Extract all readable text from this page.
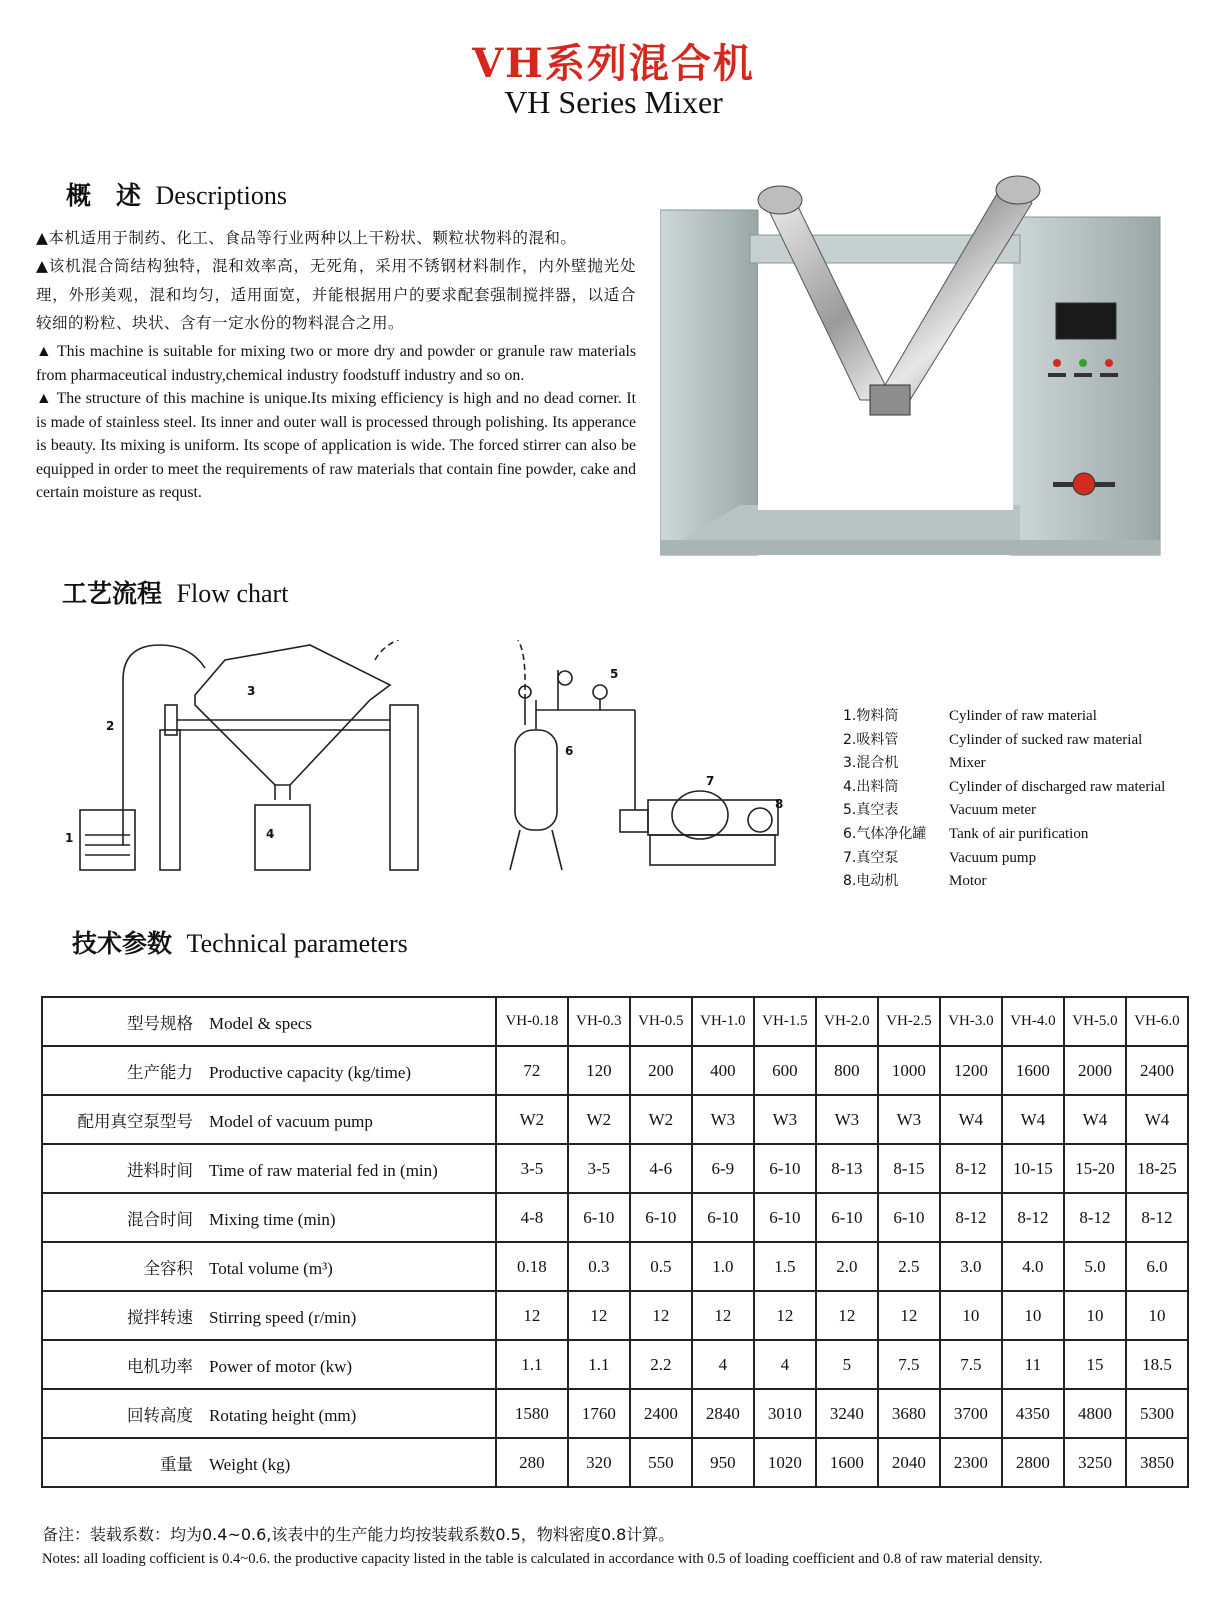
VH系列混合机
VH Series Mixer
概　述 Descriptions

▲本机适用于制药、化工、食品等行业两种以上干粉状、颗粒状物料的混和。

▲该机混合筒结构独特，混和效率高，无死角，采用不锈钢材料制作，内外壁抛光处理，外形美观，混和均匀，适用面宽，并能根据用户的要求配套强制搅拌器，以适合较细的粉粒、块状、含有一定水份的物料混合之用。

▲ This machine is suitable for mixing two or more dry and powder or granule raw materials from pharmaceutical industry,chemical industry foodstuff industry and so on.

▲ The structure of this machine is unique.Its mixing efficiency is high and no dead corner. It is made of stainless steel. Its inner and outer wall is processed through polishing. Its apperance is beauty. Its mixing is uniform. Its scope of application is wide. The forced stirrer can also be equipped in order to meet the requirements of raw materials that contain fine powder, cake and certain moisture as requst.

工艺流程 Flow chart
1
2
3
4
5
6
7
8
1.物料筒	Cylinder of raw material
2.吸料管	Cylinder of sucked raw material
3.混合机	Mixer
4.出料筒	Cylinder of discharged raw material
5.真空表	Vacuum meter
6.气体净化罐	Tank of air purification
7.真空泵	Vacuum pump
8.电动机	Motor
技术参数 Technical parameters
型号规格 Model & specs	VH-0.18	VH-0.3	VH-0.5	VH-1.0	VH-1.5	VH-2.0	VH-2.5	VH-3.0	VH-4.0	VH-5.0	VH-6.0
生产能力 Productive capacity (kg/time)	72	120	200	400	600	800	1000	1200	1600	2000	2400
配用真空泵型号 Model of vacuum pump	W2	W2	W2	W3	W3	W3	W3	W4	W4	W4	W4
进料时间 Time of raw material fed in (min)	3-5	3-5	4-6	6-9	6-10	8-13	8-15	8-12	10-15	15-20	18-25
混合时间 Mixing time (min)	4-8	6-10	6-10	6-10	6-10	6-10	6-10	8-12	8-12	8-12	8-12
全容积 Total volume (m³)	0.18	0.3	0.5	1.0	1.5	2.0	2.5	3.0	4.0	5.0	6.0
搅拌转速 Stirring speed (r/min)	12	12	12	12	12	12	12	10	10	10	10
电机功率 Power of motor (kw)	1.1	1.1	2.2	4	4	5	7.5	7.5	11	15	18.5
回转高度 Rotating height (mm)	1580	1760	2400	2840	3010	3240	3680	3700	4350	4800	5300
重量 Weight (kg)	280	320	550	950	1020	1600	2040	2300	2800	3250	3850
备注：装载系数：均为0.4~0.6,该表中的生产能力均按装载系数0.5，物料密度0.8计算。
Notes: all loading cofficient is 0.4~0.6. the productive capacity listed in the table is calculated in accordance with 0.5 of loading coefficient and 0.8 of raw material density.
